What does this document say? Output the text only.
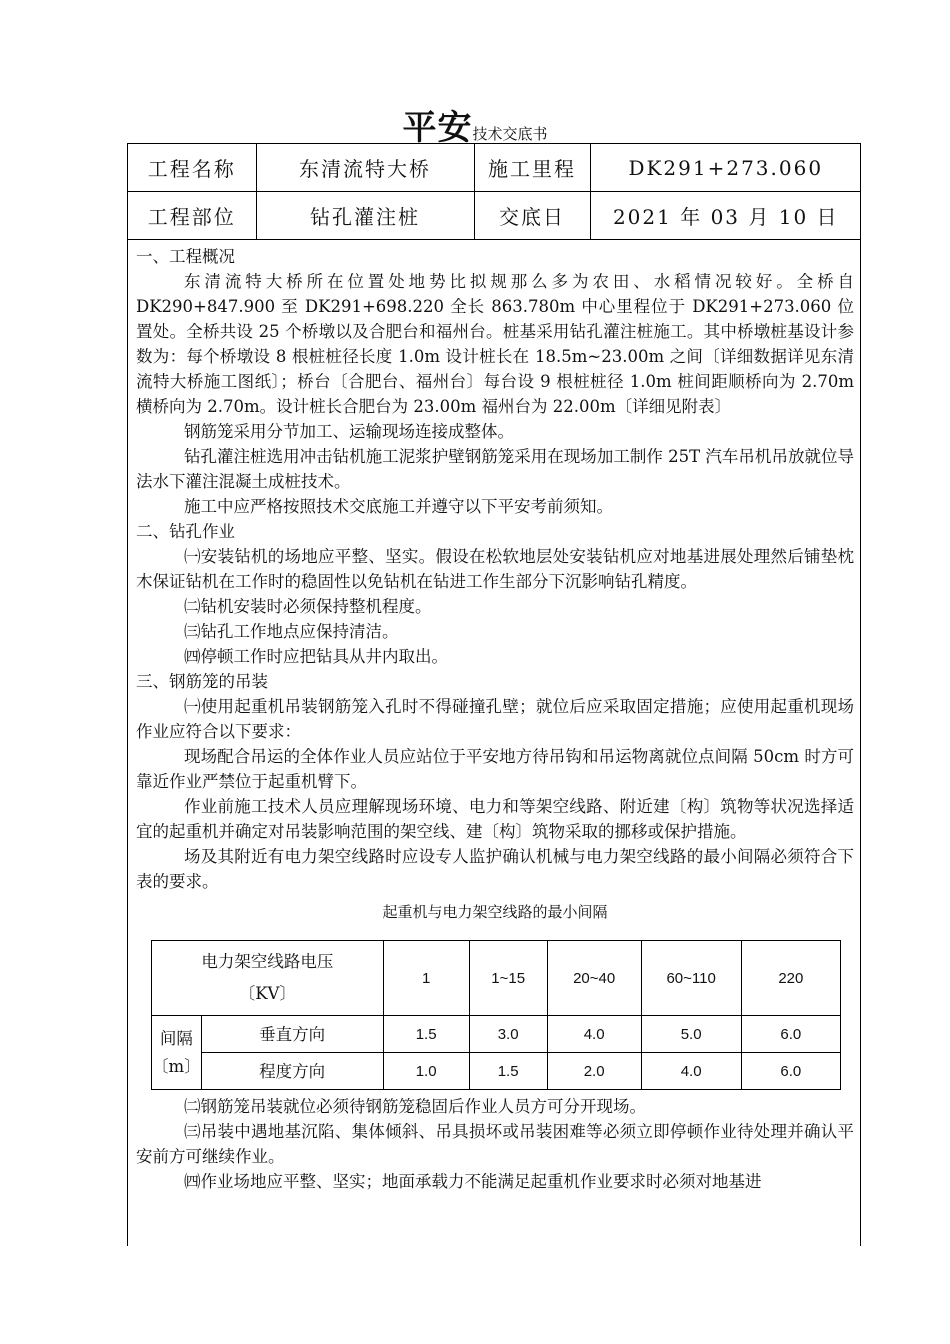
平安技术交底书
工程名称	东清流特大桥	施工里程	DK291+273.060
工程部位	钻孔灌注桩	交底日	2021 年 03 月 10 日

一、工程概况

东清流特大桥所在位置处地势比拟规那么多为农田、水稻情况较好。全桥自DK290+847.900 至 DK291+698.220 全长 863.780m 中心里程位于 DK291+273.060 位置处。全桥共设 25 个桥墩以及合肥台和福州台。桩基采用钻孔灌注桩施工。其中桥墩桩基设计参数为：每个桥墩设 8 根桩桩径长度 1.0m 设计桩长在 18.5m~23.00m 之间〔详细数据详见东清流特大桥施工图纸〕；桥台〔合肥台、福州台〕每台设 9 根桩桩径 1.0m 桩间距顺桥向为 2.70m 横桥向为 2.70m。设计桩长合肥台为 23.00m 福州台为 22.00m〔详细见附表〕

钢筋笼采用分节加工、运输现场连接成整体。

钻孔灌注桩选用冲击钻机施工泥浆护壁钢筋笼采用在现场加工制作 25T 汽车吊机吊放就位导法水下灌注混凝土成桩技术。

施工中应严格按照技术交底施工并遵守以下平安考前须知。

二、钻孔作业

㈠安装钻机的场地应平整、坚实。假设在松软地层处安装钻机应对地基进展处理然后铺垫枕木保证钻机在工作时的稳固性以免钻机在钻进工作生部分下沉影响钻孔精度。

㈡钻机安装时必须保持整机程度。

㈢钻孔工作地点应保持清洁。

㈣停顿工作时应把钻具从井内取出。

三、钢筋笼的吊装

㈠使用起重机吊装钢筋笼入孔时不得碰撞孔壁；就位后应采取固定措施；应使用起重机现场作业应符合以下要求：

现场配合吊运的全体作业人员应站位于平安地方待吊钩和吊运物离就位点间隔 50cm 时方可靠近作业严禁位于起重机臂下。

作业前施工技术人员应理解现场环境、电力和等架空线路、附近建〔构〕筑物等状况选择适宜的起重机并确定对吊装影响范围的架空线、建〔构〕筑物采取的挪移或保护措施。

场及其附近有电力架空线路时应设专人监护确认机械与电力架空线路的最小间隔必须符合下表的要求。

起重机与电力架空线路的最小间隔
电力架空线路电压
〔KV〕		1	1~15	20~40	60~110	220
间隔
〔m〕	垂直方向	1.5	3.0	4.0	5.0	6.0
	程度方向	1.0	1.5	2.0	4.0	6.0

㈡钢筋笼吊装就位必须待钢筋笼稳固后作业人员方可分开现场。

㈢吊装中遇地基沉陷、集体倾斜、吊具损坏或吊装困难等必须立即停顿作业待处理并确认平安前方可继续作业。

㈣作业场地应平整、坚实；地面承载力不能满足起重机作业要求时必须对地基进
